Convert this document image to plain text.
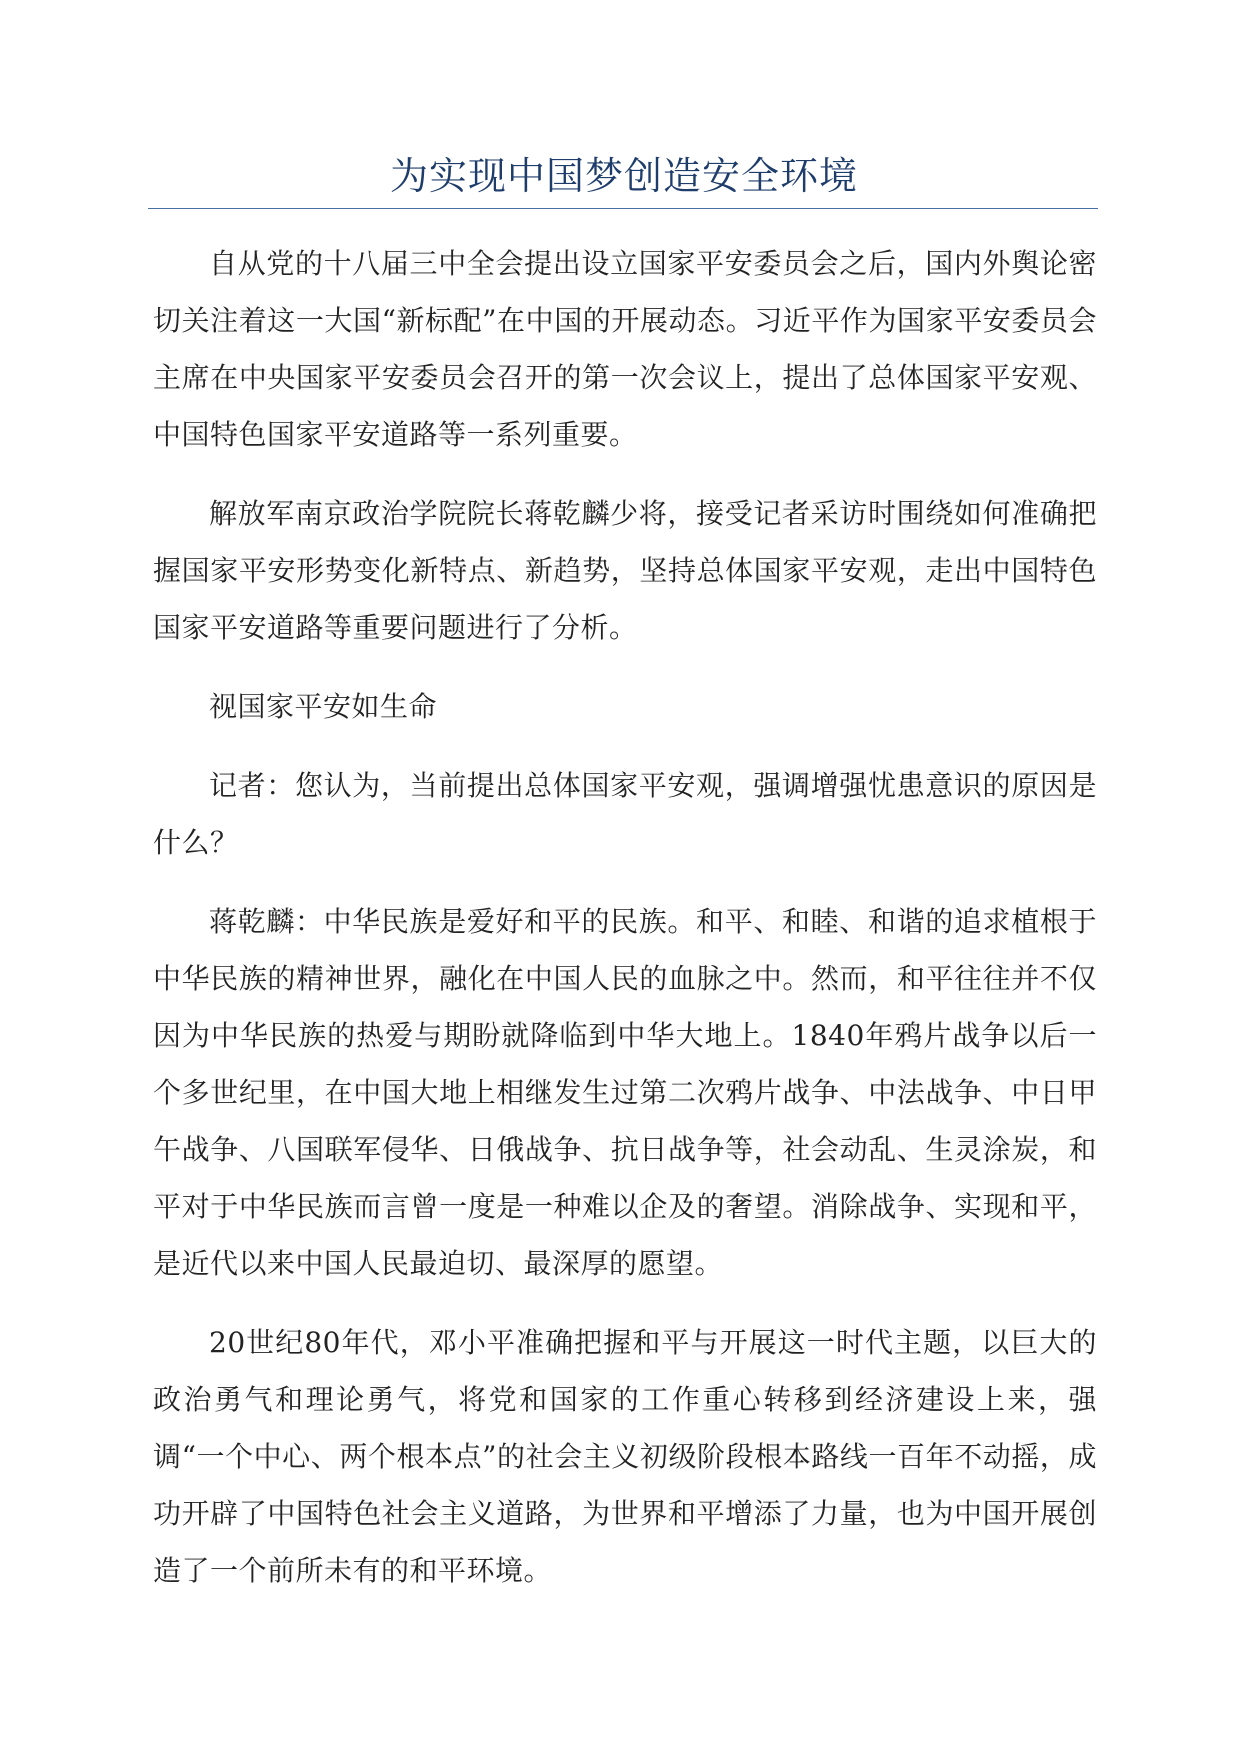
为实现中国梦创造安全环境

自从党的十八届三中全会提出设立国家平安委员会之后，国内外舆论密切关注着这一大国“新标配”在中国的开展动态。习近平作为国家平安委员会主席在中央国家平安委员会召开的第一次会议上，提出了总体国家平安观、中国特色国家平安道路等一系列重要。

解放军南京政治学院院长蒋乾麟少将，接受记者采访时围绕如何准确把握国家平安形势变化新特点、新趋势，坚持总体国家平安观，走出中国特色国家平安道路等重要问题进行了分析。

视国家平安如生命

记者：您认为，当前提出总体国家平安观，强调增强忧患意识的原因是什么？

蒋乾麟：中华民族是爱好和平的民族。和平、和睦、和谐的追求植根于中华民族的精神世界，融化在中国人民的血脉之中。然而，和平往往并不仅因为中华民族的热爱与期盼就降临到中华大地上。1840年鸦片战争以后一个多世纪里，在中国大地上相继发生过第二次鸦片战争、中法战争、中日甲午战争、八国联军侵华、日俄战争、抗日战争等，社会动乱、生灵涂炭，和平对于中华民族而言曾一度是一种难以企及的奢望。消除战争、实现和平，是近代以来中国人民最迫切、最深厚的愿望。

20世纪80年代，邓小平准确把握和平与开展这一时代主题，以巨大的政治勇气和理论勇气，将党和国家的工作重心转移到经济建设上来，强调“一个中心、两个根本点”的社会主义初级阶段根本路线一百年不动摇，成功开辟了中国特色社会主义道路，为世界和平增添了力量，也为中国开展创造了一个前所未有的和平环境。
